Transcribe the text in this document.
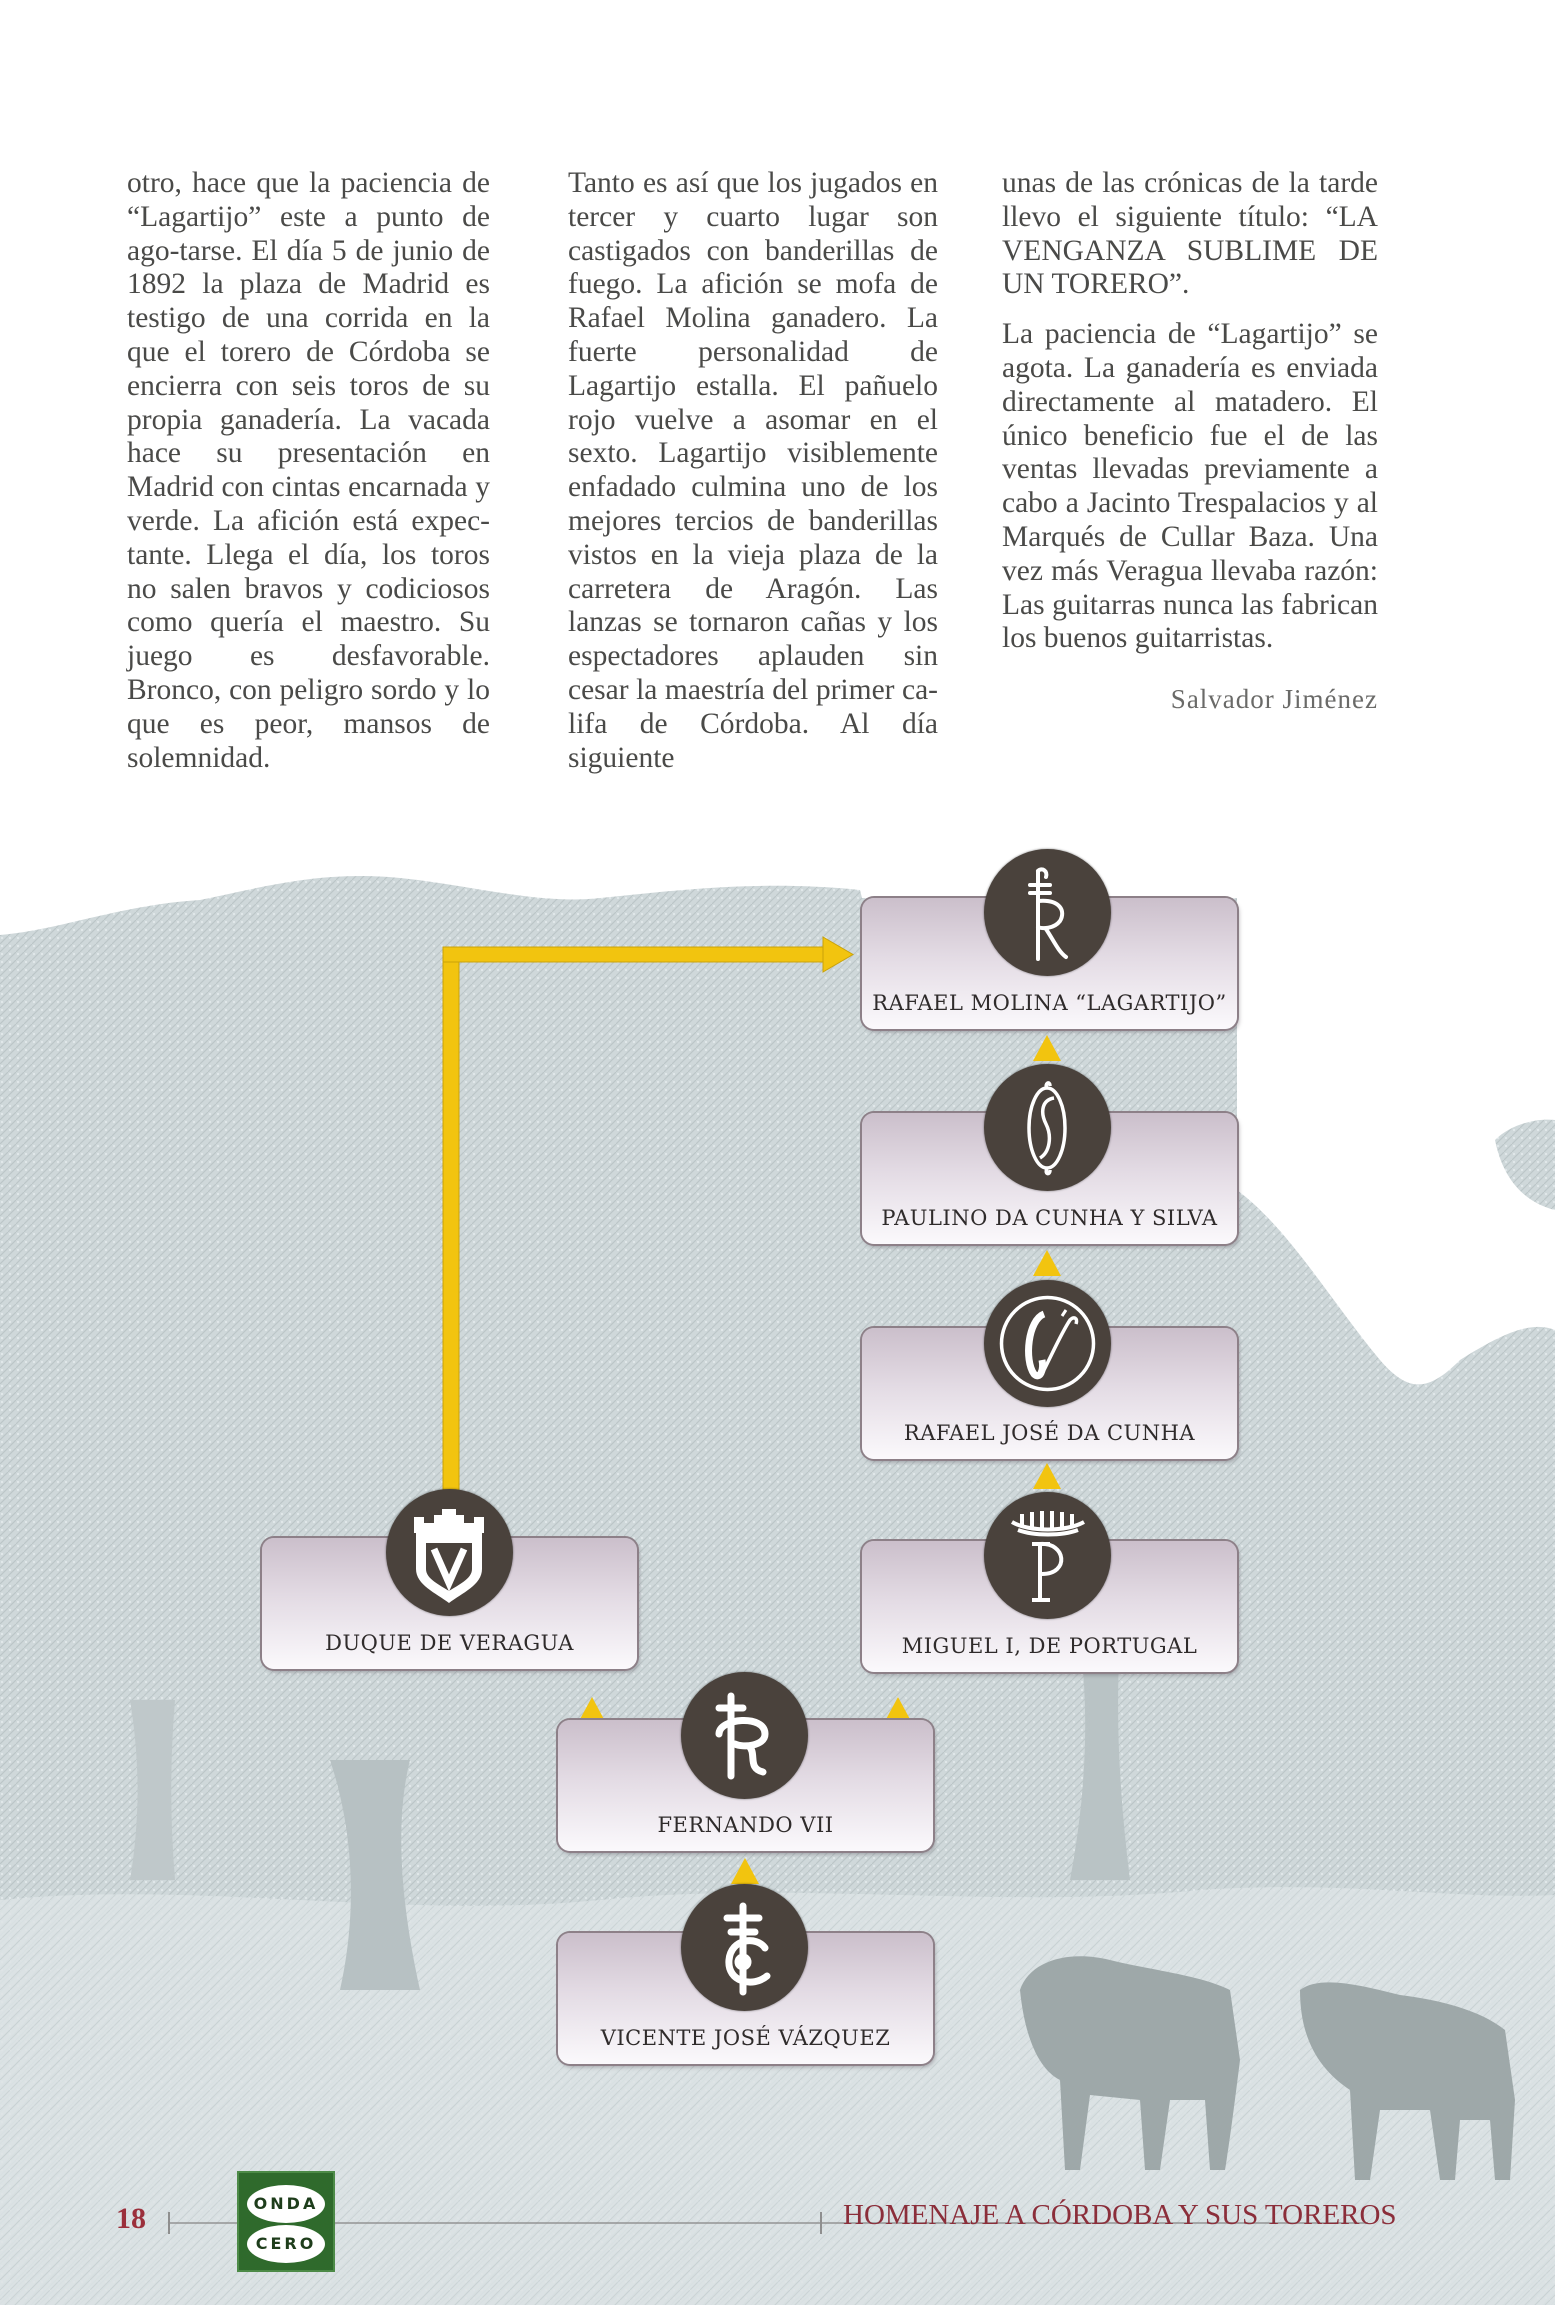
otro, hace que la paciencia de “Lagartijo” este a punto de ago-tarse. El día 5 de junio de 1892 la plaza de Madrid es testigo de una corrida en la que el torero de Córdoba se encierra con seis toros de su propia ganadería. La vacada hace su presentación en Madrid con cintas encarnada y verde. La afición está expec-tante. Llega el día, los toros no salen bravos y codiciosos como quería el maestro. Su juego es desfavorable. Bronco, con peligro sordo y lo que es peor, mansos de solemnidad.

Tanto es así que los jugados en tercer y cuarto lugar son castigados con banderillas de fuego. La afición se mofa de Rafael Molina ganadero. La fuerte personalidad de Lagartijo estalla. El pañuelo rojo vuelve a asomar en el sexto. Lagartijo visiblemente enfadado culmina uno de los mejores tercios de banderillas vistos en la vieja plaza de la carretera de Aragón. Las lanzas se tornaron cañas y los espectadores aplauden sin cesar la maestría del primer ca-lifa de Córdoba. Al día siguiente

unas de las crónicas de la tarde llevo el siguiente título: “LA VENGANZA SUBLIME DE UN TORERO”.

La paciencia de “Lagartijo” se agota. La ganadería es enviada directamente al matadero. El único beneficio fue el de las ventas llevadas previamente a cabo a Jacinto Trespalacios y al Marqués de Cullar Baza. Una vez más Veragua llevaba razón: Las guitarras nunca las fabrican los buenos guitarristas.

Salvador Jiménez
RAFAEL MOLINA “LAGARTIJO”
PAULINO DA CUNHA Y SILVA
RAFAEL JOSÉ DA CUNHA
MIGUEL I, DE PORTUGAL
DUQUE DE VERAGUA
FERNANDO VII
VICENTE JOSÉ VÁZQUEZ
18	ONDA
CERO
HOMENAJE A CÓRDOBA Y SUS TOREROS
